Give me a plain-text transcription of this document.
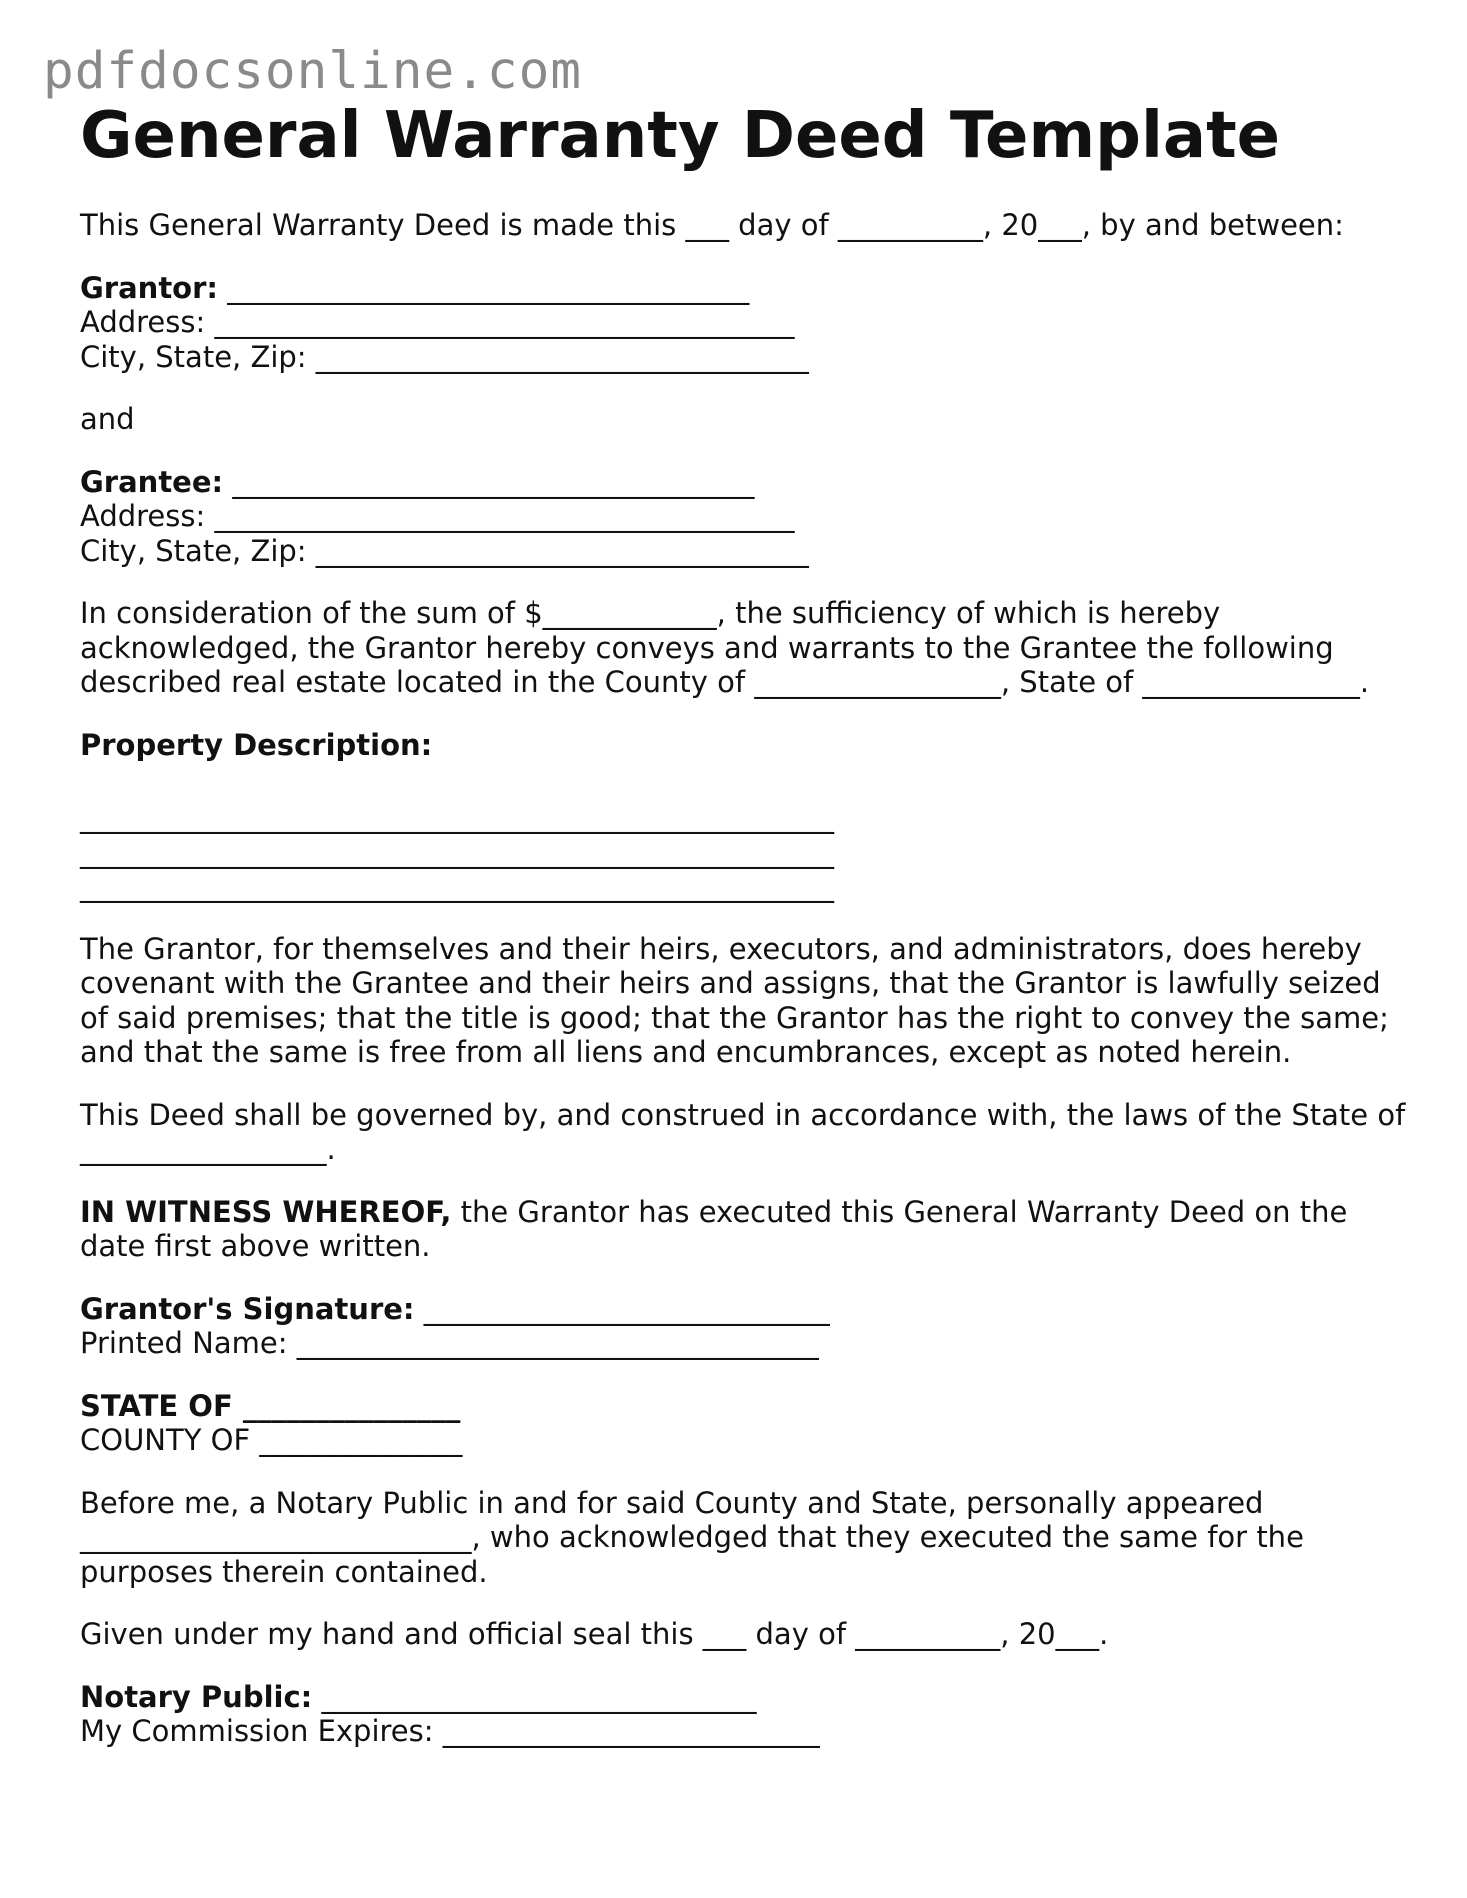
pdfdocsonline.com
General Warranty Deed Template

This General Warranty Deed is made this ___ day of __________, 20___, by and between:

Grantor: ____________________________________
Address: ________________________________________
City, State, Zip: __________________________________

and

Grantee: ____________________________________
Address: ________________________________________
City, State, Zip: __________________________________

In consideration of the sum of $____________, the sufficiency of which is hereby acknowledged, the Grantor hereby conveys and warrants to the Grantee the following described real estate located in the County of _________________, State of _______________.

Property Description:

____________________________________________________
____________________________________________________
____________________________________________________

The Grantor, for themselves and their heirs, executors, and administrators, does hereby covenant with the Grantee and their heirs and assigns, that the Grantor is lawfully seized of said premises; that the title is good; that the Grantor has the right to convey the same; and that the same is free from all liens and encumbrances, except as noted herein.

This Deed shall be governed by, and construed in accordance with, the laws of the State of _________________.

IN WITNESS WHEREOF, the Grantor has executed this General Warranty Deed on the date first above written.

Grantor's Signature: ____________________________
Printed Name: ____________________________________

STATE OF _______________
COUNTY OF ______________

Before me, a Notary Public in and for said County and State, personally appeared ___________________________, who acknowledged that they executed the same for the purposes therein contained.

Given under my hand and official seal this ___ day of __________, 20___.

Notary Public: ______________________________
My Commission Expires: __________________________
